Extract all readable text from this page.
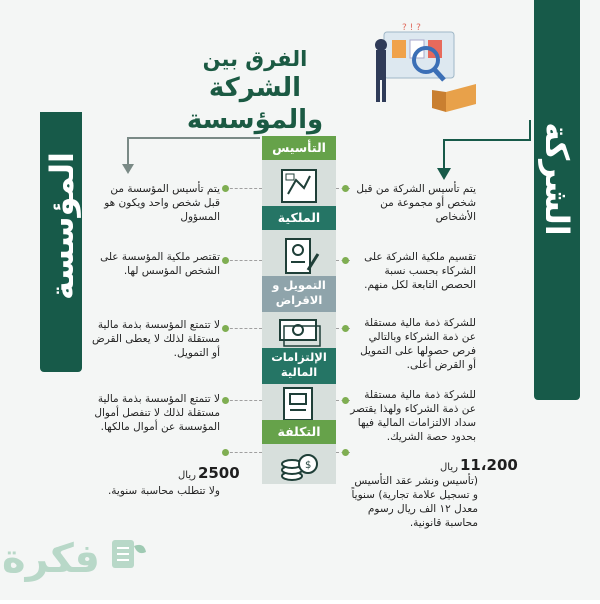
المؤسسة	الشركة
الفرق بين
الشركة والمؤسسة
? ! ?
التأسيس
الملكية
التمويل و الاقراض
الإلتزامات المالية
التكلفة
$
يتم تأسيس المؤسسة من قبل شخص واحد ويكون هو المسؤول
تقتصر ملكية المؤسسة على الشخص المؤسس لها.
لا تتمتع المؤسسة بذمة مالية مستقلة لذلك لا يعطى القرض أو التمويل.
لا تتمتع المؤسسة بذمة مالية مستقلة لذلك لا تنفصل أموال المؤسسة عن أموال مالكها.
2500ريال
ولا تتطلب محاسبة سنوية.
يتم تأسيس الشركة من قبل شخص أو مجموعة من الأشخاص
تقسيم ملكية الشركة على الشركاء بحسب نسبة الحصص التابعة لكل منهم.
للشركة ذمة مالية مستقلة عن ذمة الشركاء وبالتالي فرص حصولها على التمويل أو القرض أعلى.
للشركة ذمة مالية مستقلة عن ذمة الشركاء ولهذا يقتصر سداد الالتزامات المالية فيها بحدود حصة الشريك.
11،200ريال
(تأسيس ونشر عقد التأسيس و تسجيل علامة تجارية) سنوياً معدل ١٢ الف ريال رسوم محاسبة قانونية.
فكرة
